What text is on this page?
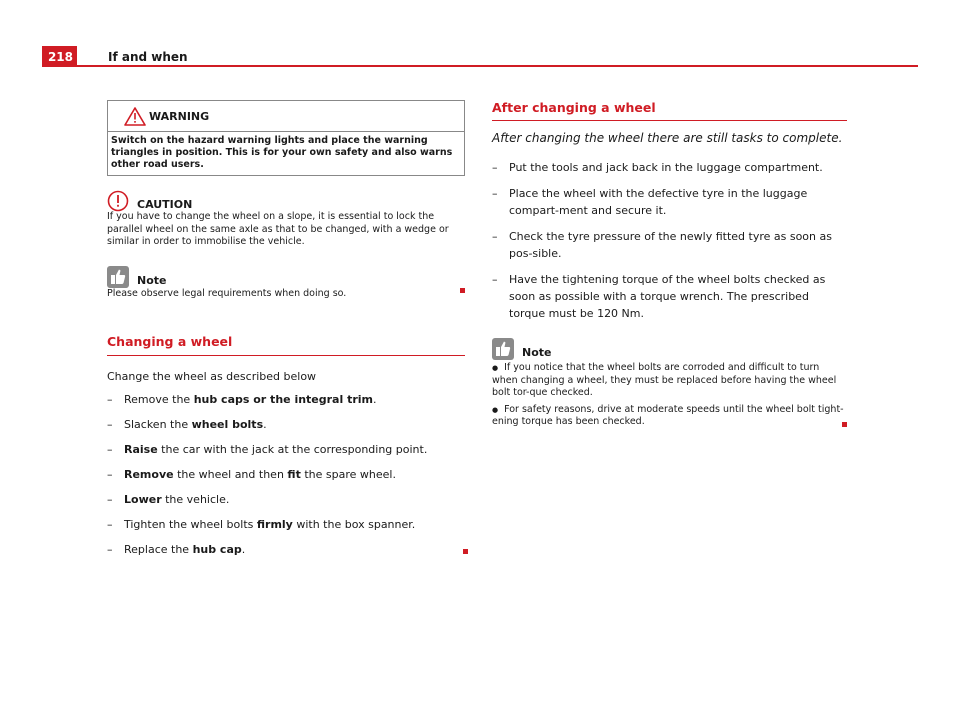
218	If and when
WARNING
Switch on the hazard warning lights and place the warning triangles in position. This is for your own safety and also warns other road users.
CAUTION
If you have to change the wheel on a slope, it is essential to lock the parallel wheel on the same axle as that to be changed, with a wedge or similar in order to immobilise the vehicle.
Note
Please observe legal requirements when doing so.
Changing a wheel
Change the wheel as described below
– Remove the hub caps or the integral trim.
– Slacken the wheel bolts.
– Raise the car with the jack at the corresponding point.
– Remove the wheel and then fit the spare wheel.
– Lower the vehicle.
– Tighten the wheel bolts firmly with the box spanner.
– Replace the hub cap.
After changing a wheel
After changing the wheel there are still tasks to complete.
– Put the tools and jack back in the luggage compartment.
– Place the wheel with the defective tyre in the luggage compart-ment and secure it.
– Check the tyre pressure of the newly fitted tyre as soon as pos-sible.
– Have the tightening torque of the wheel bolts checked as soon as possible with a torque wrench. The prescribed torque must be 120 Nm.
Note
● If you notice that the wheel bolts are corroded and difficult to turn when changing a wheel, they must be replaced before having the wheel bolt tor-que checked.
● For safety reasons, drive at moderate speeds until the wheel bolt tight-ening torque has been checked.
